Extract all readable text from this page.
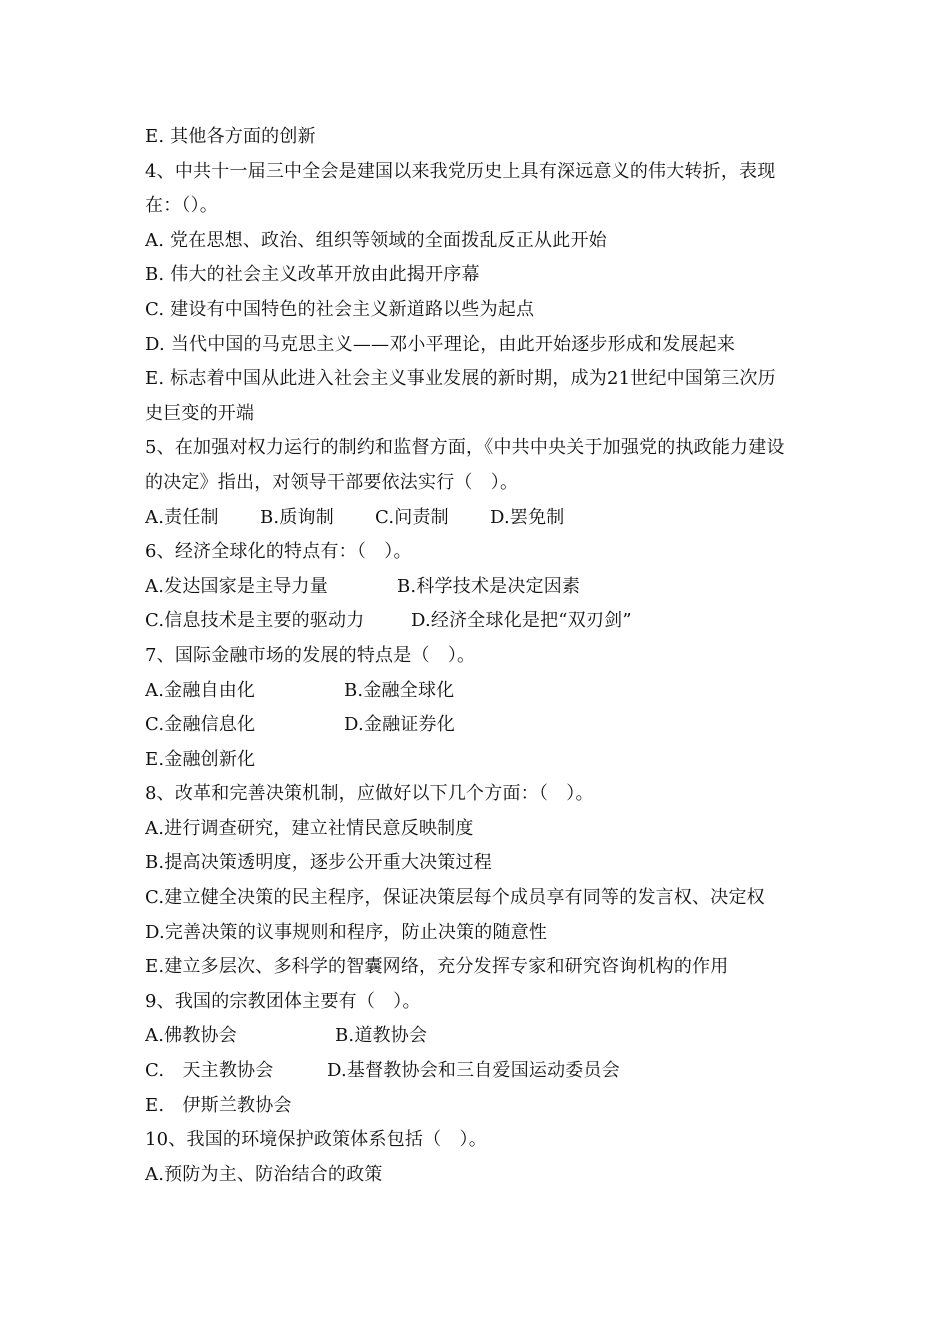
E. 其他各方面的创新
4、中共十一届三中全会是建国以来我党历史上具有深远意义的伟大转折，表现
在：（）。
A. 党在思想、政治、组织等领域的全面拨乱反正从此开始
B. 伟大的社会主义改革开放由此揭开序幕
C. 建设有中国特色的社会主义新道路以些为起点
D. 当代中国的马克思主义——邓小平理论，由此开始逐步形成和发展起来
E. 标志着中国从此进入社会主义事业发展的新时期，成为21世纪中国第三次历
史巨变的开端
5、在加强对权力运行的制约和监督方面，《中共中央关于加强党的执政能力建设
的决定》指出，对领导干部要依法实行（　）。
A.责任制	B.质询制	C.问责制	D.罢免制
6、经济全球化的特点有：（　）。
A.发达国家是主导力量	B.科学技术是决定因素
C.信息技术是主要的驱动力	D.经济全球化是把“双刃剑”
7、国际金融市场的发展的特点是（　）。
A.金融自由化	B.金融全球化
C.金融信息化	D.金融证券化
E.金融创新化
8、改革和完善决策机制，应做好以下几个方面：（　）。
A.进行调查研究，建立社情民意反映制度
B.提高决策透明度，逐步公开重大决策过程
C.建立健全决策的民主程序，保证决策层每个成员享有同等的发言权、决定权
D.完善决策的议事规则和程序，防止决策的随意性
E.建立多层次、多科学的智囊网络，充分发挥专家和研究咨询机构的作用
9、我国的宗教团体主要有（　）。
A.佛教协会	B.道教协会
C.　天主教协会	D.基督教协会和三自爱国运动委员会
E.　伊斯兰教协会
10、我国的环境保护政策体系包括（　）。
A.预防为主、防治结合的政策
